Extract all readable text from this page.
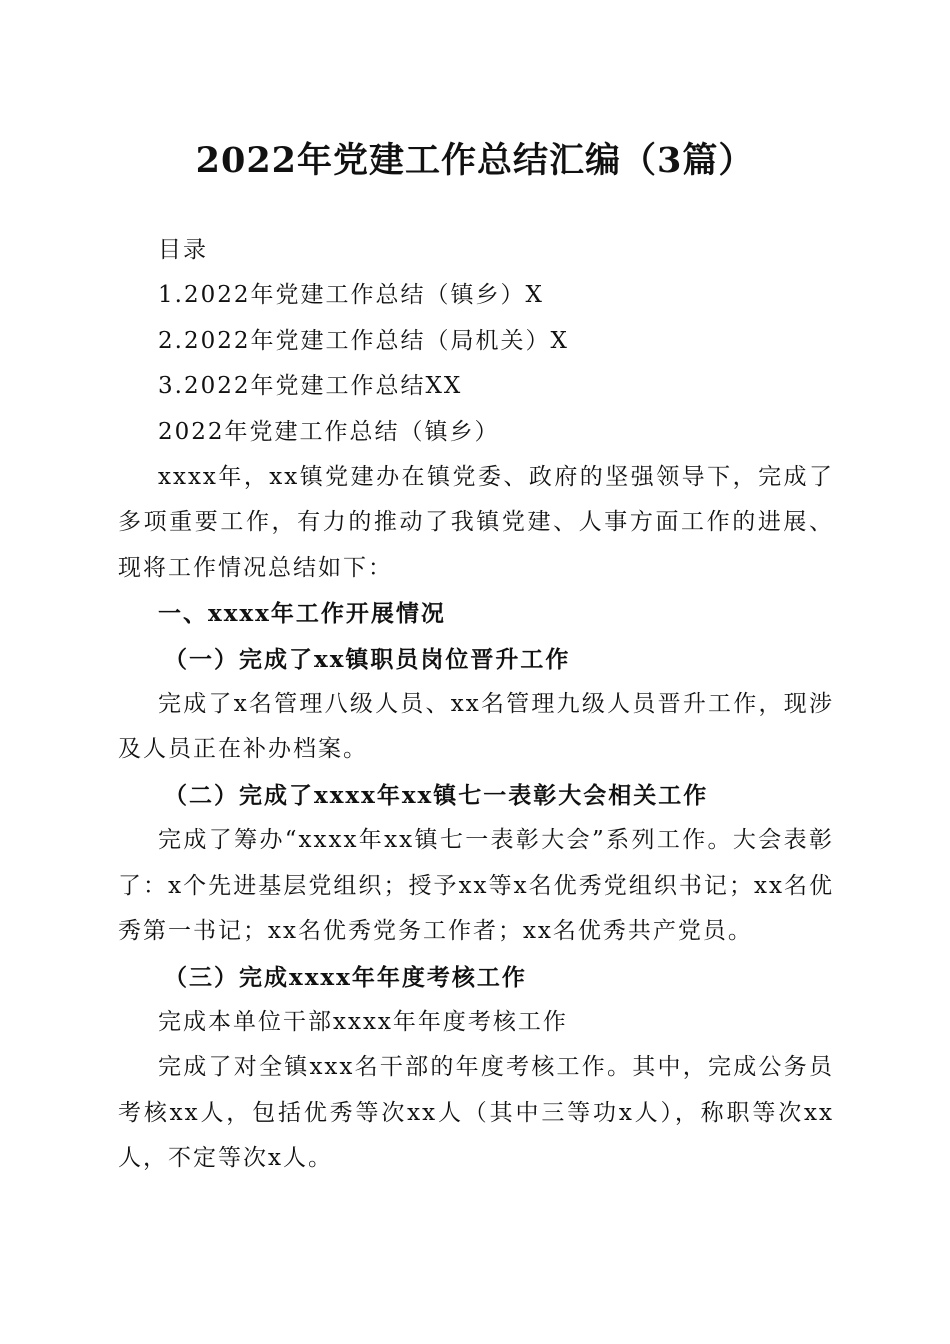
2022年党建工作总结汇编（3篇）

目录

1.2022年党建工作总结（镇乡）X

2.2022年党建工作总结（局机关）X

3.2022年党建工作总结XX

2022年党建工作总结（镇乡）

xxxx年，xx镇党建办在镇党委、政府的坚强领导下，完成了多项重要工作，有力的推动了我镇党建、人事方面工作的进展、现将工作情况总结如下：

一、xxxx年工作开展情况

（一）完成了xx镇职员岗位晋升工作

完成了x名管理八级人员、xx名管理九级人员晋升工作，现涉及人员正在补办档案。

（二）完成了xxxx年xx镇七一表彰大会相关工作

完成了筹办“xxxx年xx镇七一表彰大会”系列工作。大会表彰了：x个先进基层党组织；授予xx等x名优秀党组织书记；xx名优秀第一书记；xx名优秀党务工作者；xx名优秀共产党员。

（三）完成xxxx年年度考核工作

完成本单位干部xxxx年年度考核工作

完成了对全镇xxx名干部的年度考核工作。其中，完成公务员考核xx人，包括优秀等次xx人（其中三等功x人），称职等次xx人，不定等次x人。
